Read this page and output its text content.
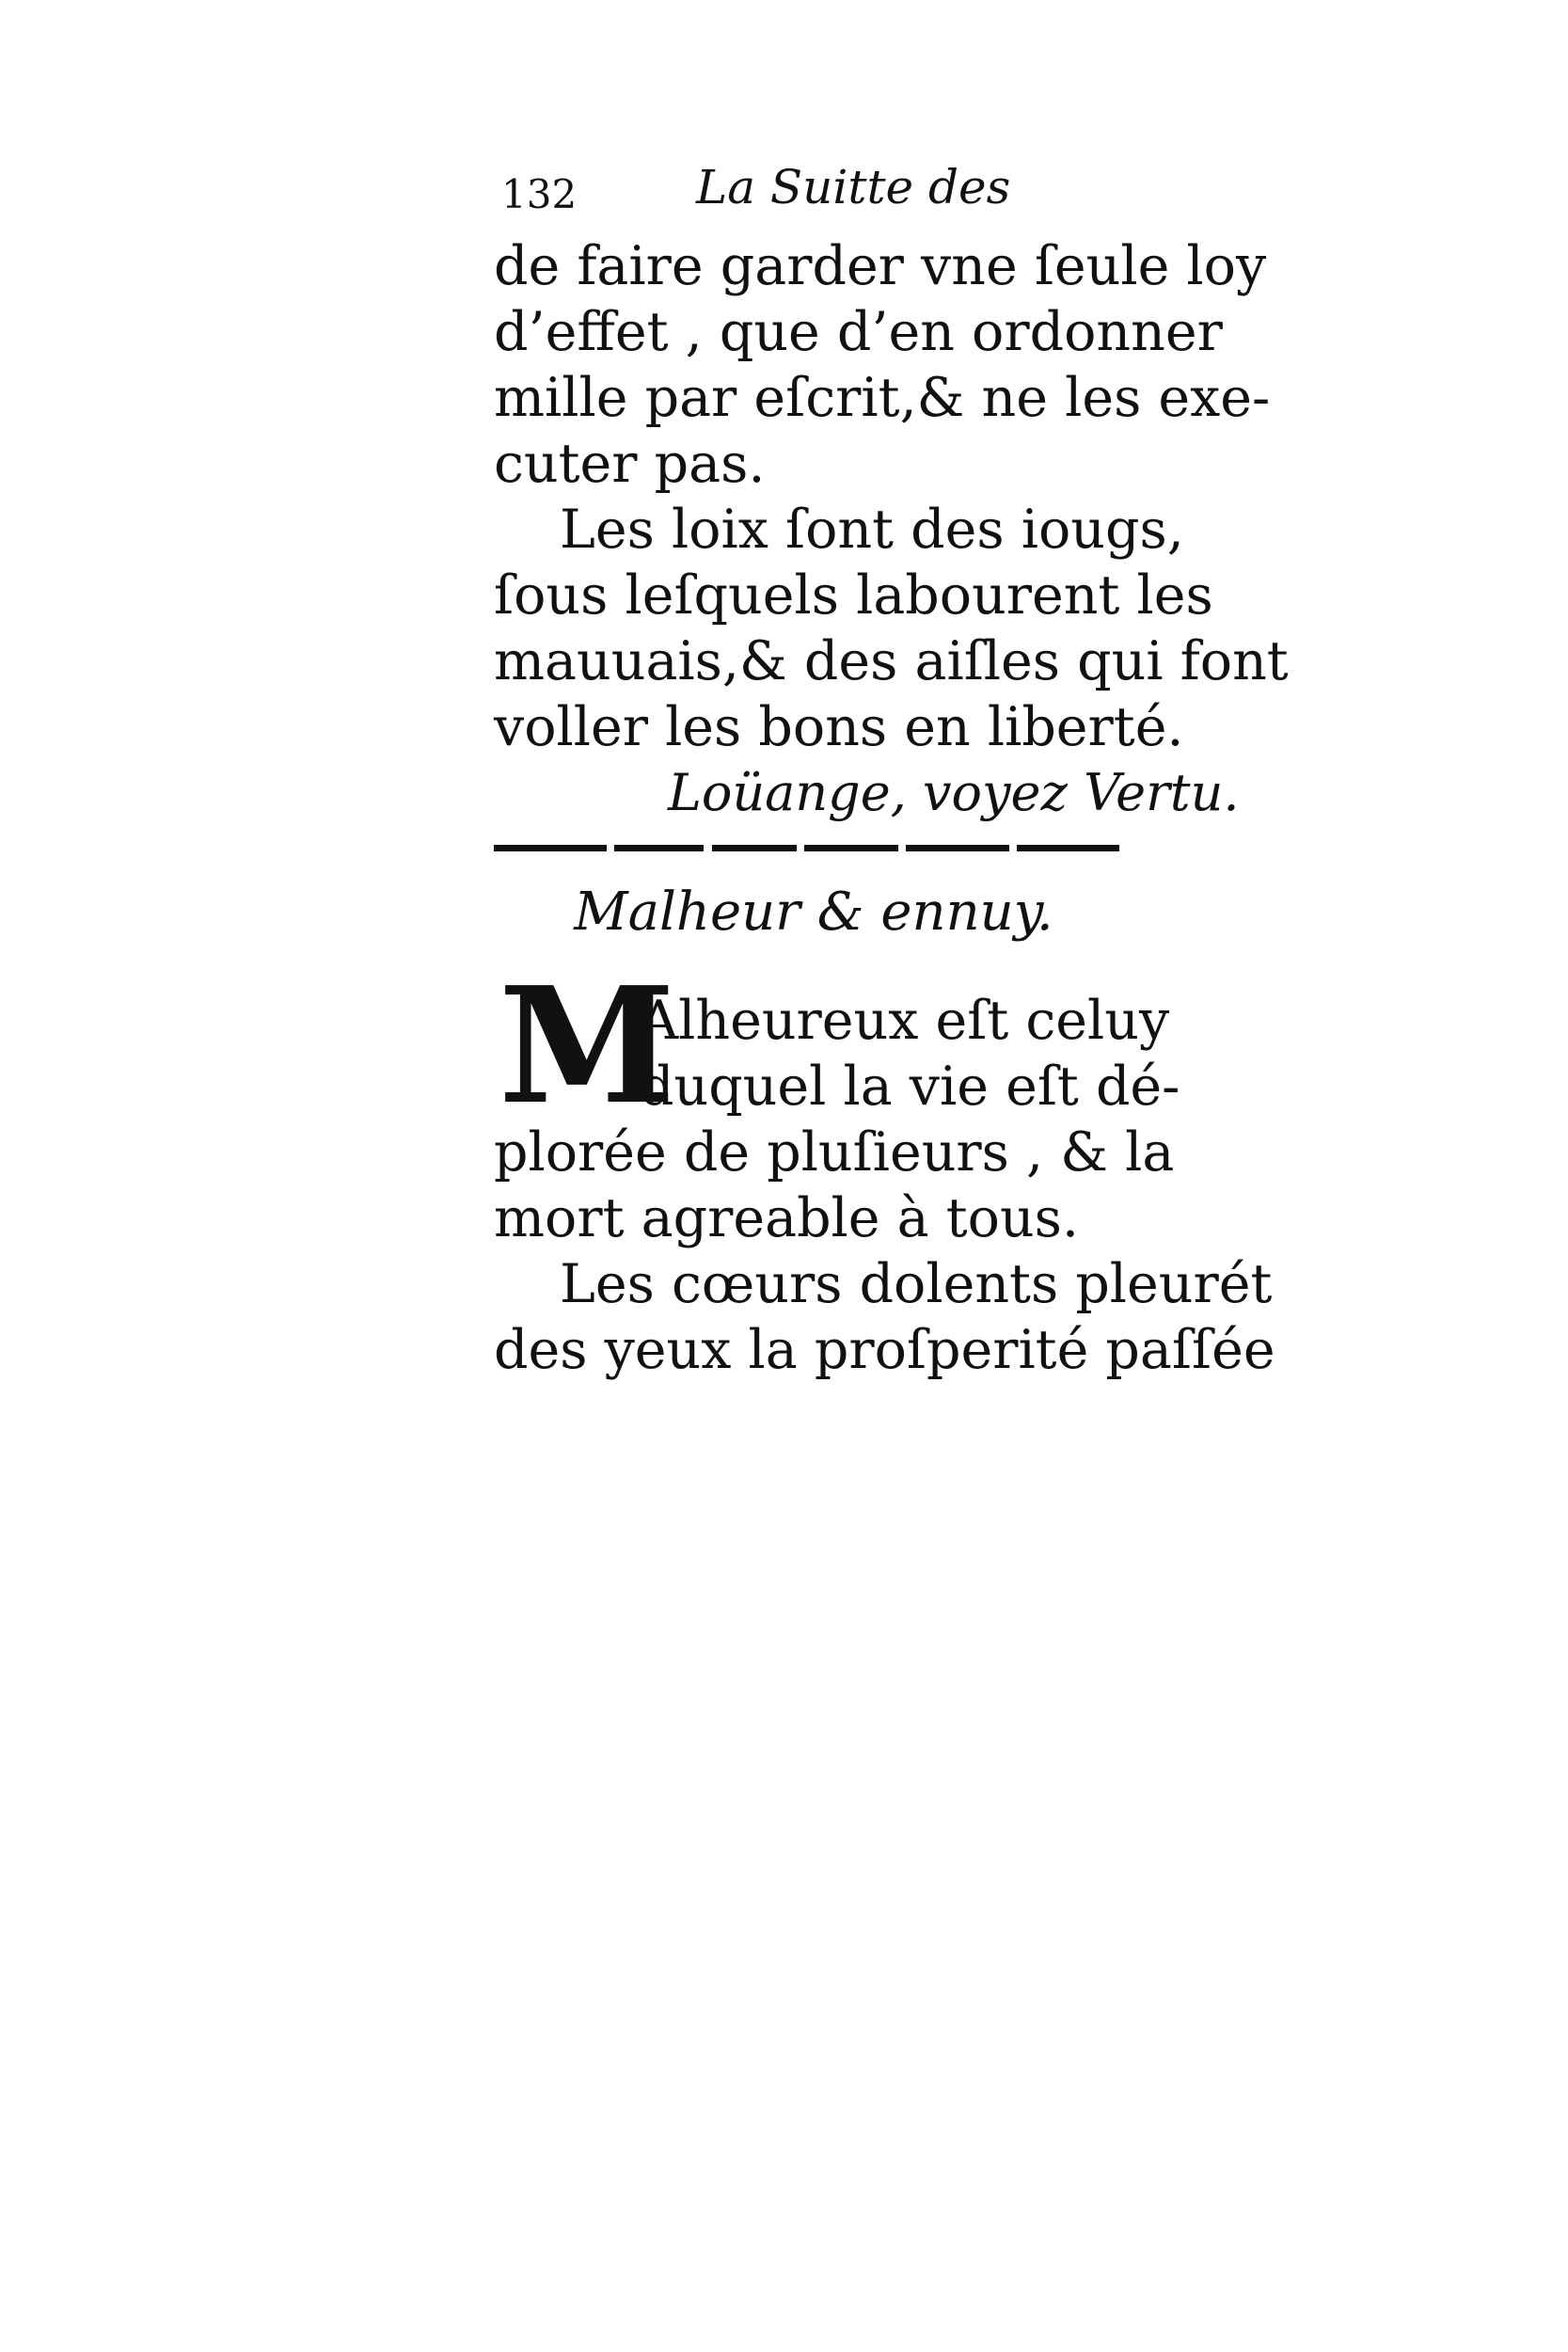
132	La Suitte des
de faire garder vne ſeule loy
d’effet , que d’en ordonner
mille par eſcrit,& ne les exe-
cuter pas.
Les loix ſont des iougs,
ſous leſquels labourent les
mauuais,& des aiſles qui font
voller les bons en liberté.
Loüange, voyez Vertu.
Malheur & ennuy.
M
Alheureux eſt celuy
duquel la vie eſt dé-
plorée de pluſieurs , & la
mort agreable à tous.
Les cœurs dolents pleurét
des yeux la proſperité paſſée
